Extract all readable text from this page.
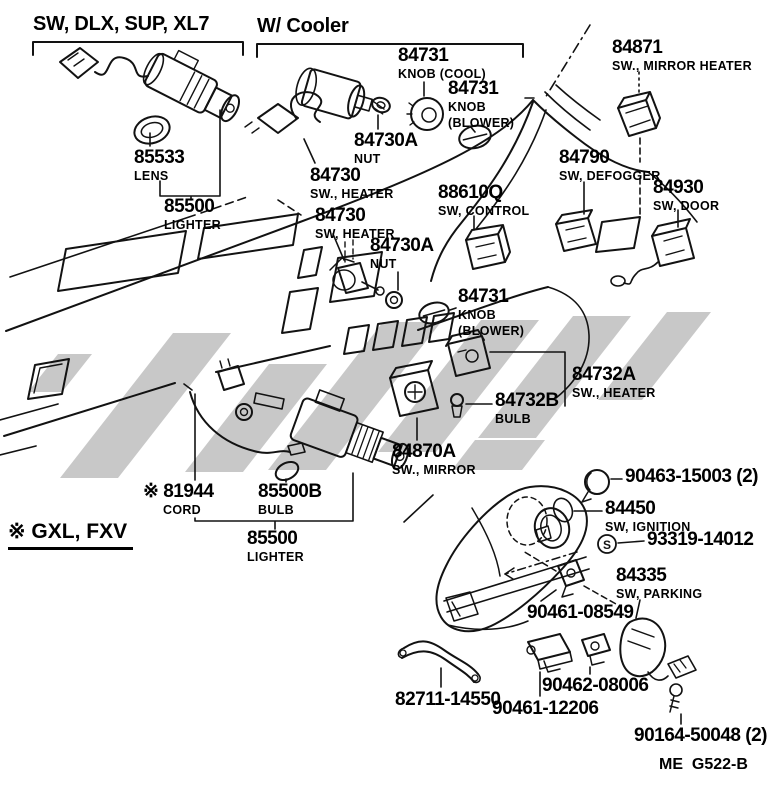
S
SW, DLX, SUP, XL7 W/ Cooler
※ GXL, FXV
ME  G522-B
85533
LENS
85500
LIGHTER
84731
KNOB (COOL)
84731
KNOB
(BLOWER)
84730A
NUT
84730
SW., HEATER
84730
SW, HEATER
84730A
NUT
88610Q
SW, CONTROL
84790
SW, DEFOGGER
84871
SW., MIRROR HEATER
84930
SW, DOOR
84731
KNOB
(BLOWER)
84732A
SW., HEATER
84732B
BULB
84870A
SW., MIRROR	90463-15003 (2)
84450
SW, IGNITION
93319-14012
84335
SW, PARKING
90461-08549
82711-14550
90461-12206
90462-08006
90164-50048 (2)
※ 81944
CORD
85500B
BULB
85500
LIGHTER
